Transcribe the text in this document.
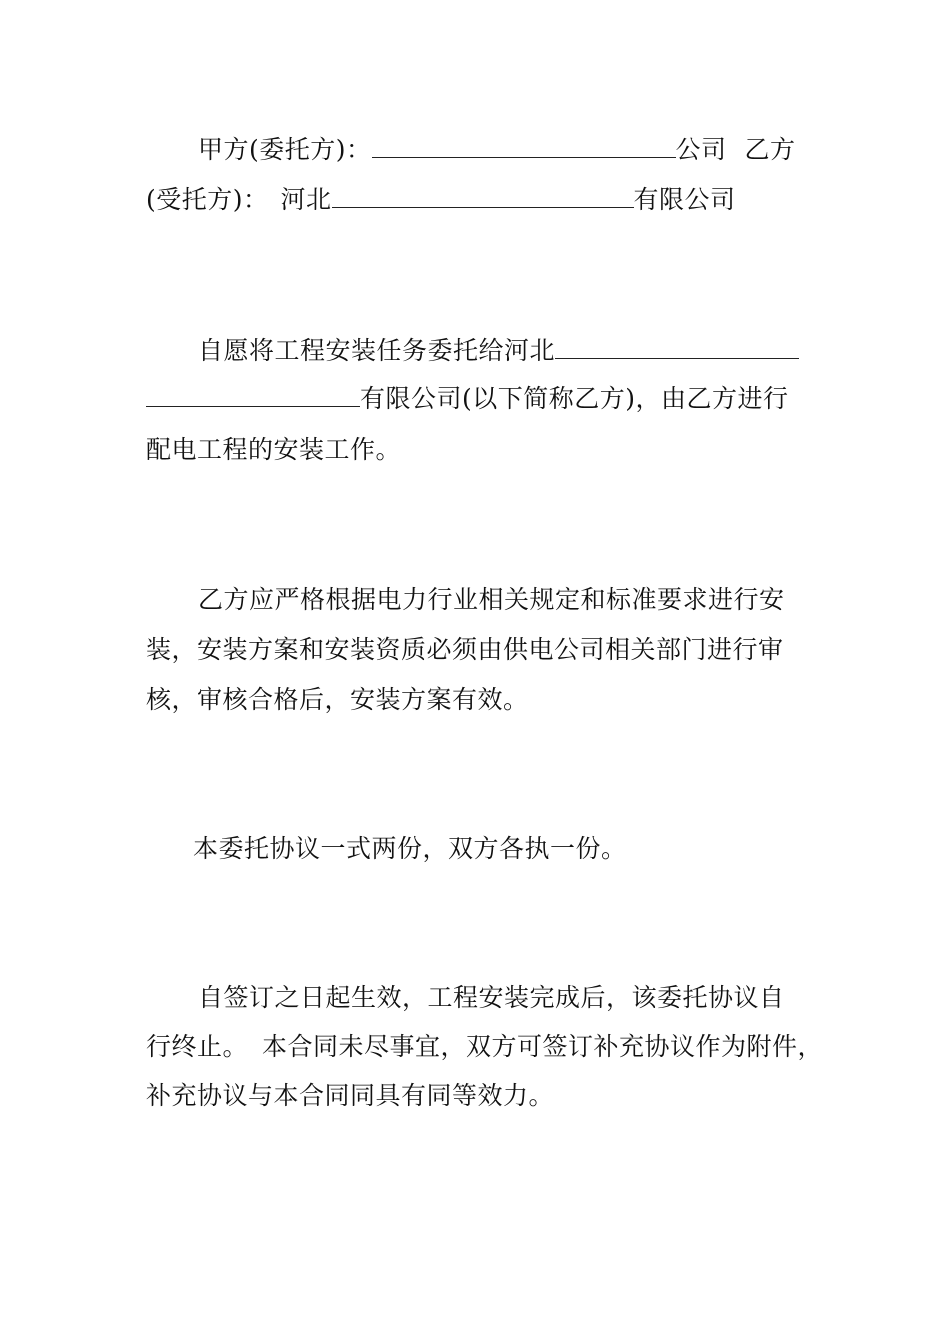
甲方(委托方)：	公司 乙方
(受托方)： 河北	有限公司
自愿将工程安装任务委托给河北
有限公司(以下简称乙方)，由乙方进行
配电工程的安装工作。
乙方应严格根据电力行业相关规定和标准要求进行安
装，安装方案和安装资质必须由供电公司相关部门进行审
核，审核合格后，安装方案有效。
本委托协议一式两份，双方各执一份。
自签订之日起生效，工程安装完成后，该委托协议自
行终止。 本合同未尽事宜，双方可签订补充协议作为附件，
补充协议与本合同同具有同等效力。
